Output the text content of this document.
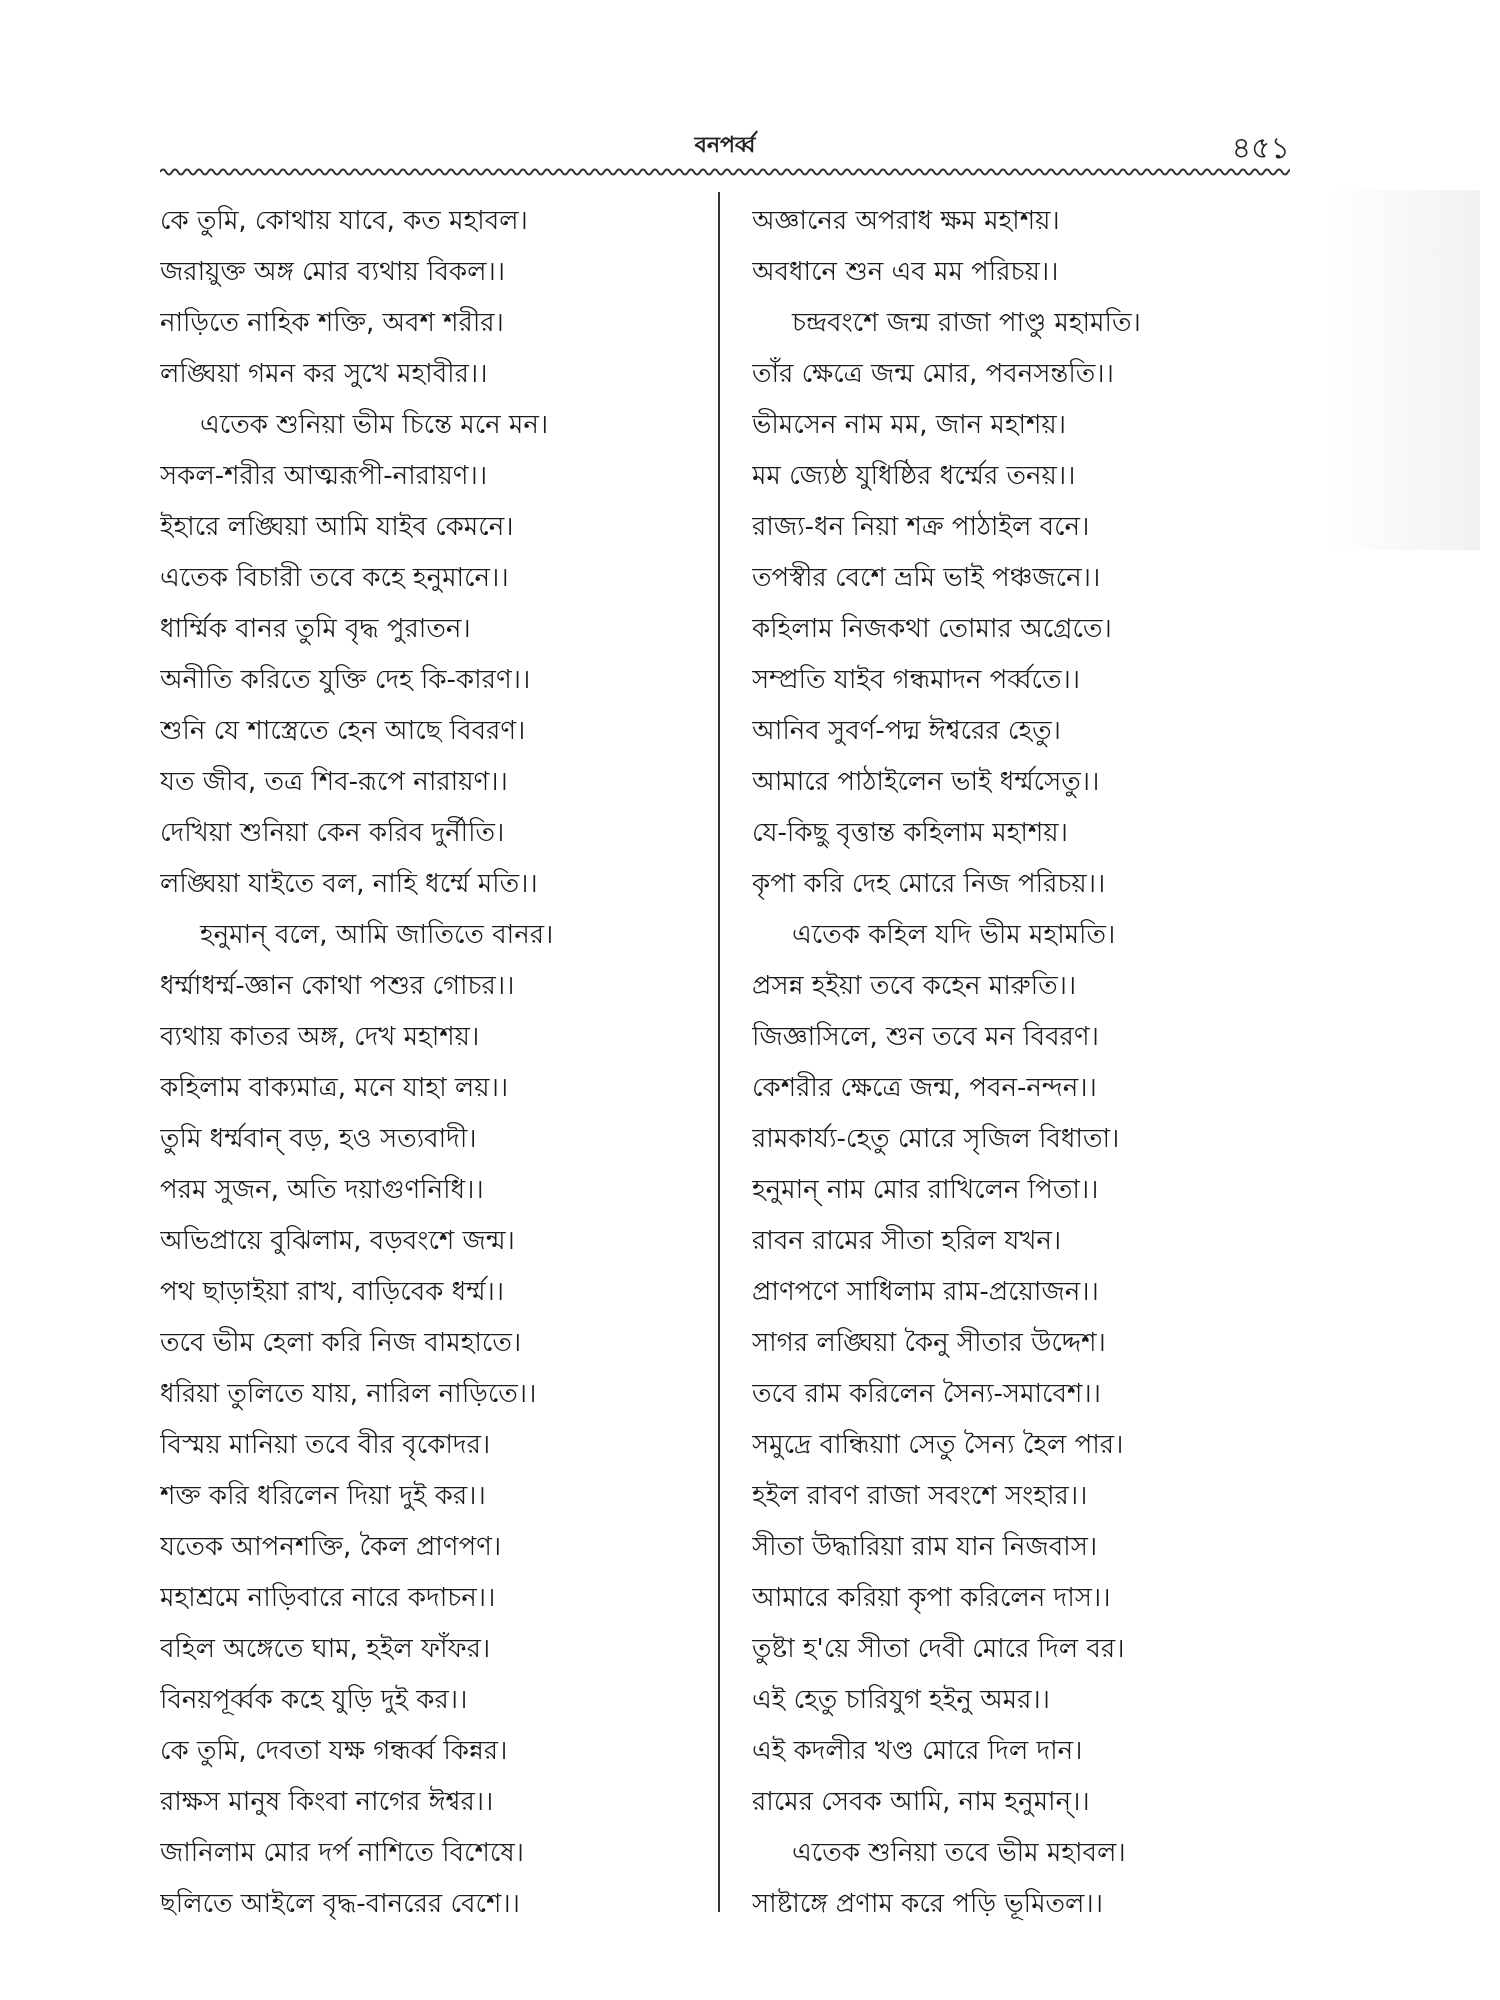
বনপর্ব্ব	৪৫১
কে তুমি, কোথায় যাবে, কত মহাবল।
জরায়ুক্ত অঙ্গ মোর ব্যথায় বিকল।।
নাড়িতে নাহিক শক্তি, অবশ শরীর।
লঙ্ঘিয়া গমন কর সুখে মহাবীর।।
এতেক শুনিয়া ভীম চিন্তে মনে মন।
সকল-শরীর আত্মরূপী-নারায়ণ।।
ইহারে লঙ্ঘিয়া আমি যাইব কেমনে।
এতেক বিচারী তবে কহে হনুমানে।।
ধার্ম্মিক বানর তুমি বৃদ্ধ পুরাতন।
অনীতি করিতে যুক্তি দেহ কি-কারণ।।
শুনি যে শাস্ত্রেতে হেন আছে বিবরণ।
যত জীব, তত্র শিব-রূপে নারায়ণ।।
দেখিয়া শুনিয়া কেন করিব দুর্নীতি।
লঙ্ঘিয়া যাইতে বল, নাহি ধর্ম্মে মতি।।
হনুমান্ বলে, আমি জাতিতে বানর।
ধর্ম্মাধর্ম্ম-জ্ঞান কোথা পশুর গোচর।।
ব্যথায় কাতর অঙ্গ, দেখ মহাশয়।
কহিলাম বাক্যমাত্র, মনে যাহা লয়।।
তুমি ধর্ম্মবান্ বড়, হও সত্যবাদী।
পরম সুজন, অতি দয়াগুণনিধি।।
অভিপ্রায়ে বুঝিলাম, বড়বংশে জন্ম।
পথ ছাড়াইয়া রাখ, বাড়িবেক ধর্ম্ম।।
তবে ভীম হেলা করি নিজ বামহাতে।
ধরিয়া তুলিতে যায়, নারিল নাড়িতে।।
বিস্ময় মানিয়া তবে বীর বৃকোদর।
শক্ত করি ধরিলেন দিয়া দুই কর।।
যতেক আপনশক্তি, কৈল প্রাণপণ।
মহাশ্রমে নাড়িবারে নারে কদাচন।।
বহিল অঙ্গেতে ঘাম, হইল ফাঁফর।
বিনয়পূর্ব্বক কহে যুড়ি দুই কর।।
কে তুমি, দেবতা যক্ষ গন্ধর্ব্ব কিন্নর।
রাক্ষস মানুষ কিংবা নাগের ঈশ্বর।।
জানিলাম মোর দর্প নাশিতে বিশেষে।
ছলিতে আইলে বৃদ্ধ-বানরের বেশে।।
অজ্ঞানের অপরাধ ক্ষম মহাশয়।
অবধানে শুন এব মম পরিচয়।।
চন্দ্রবংশে জন্ম রাজা পাণ্ডু মহামতি।
তাঁর ক্ষেত্রে জন্ম মোর, পবনসন্ততি।।
ভীমসেন নাম মম, জান মহাশয়।
মম জ্যেষ্ঠ যুধিষ্ঠির ধর্ম্মের তনয়।।
রাজ্য-ধন নিয়া শক্র পাঠাইল বনে।
তপস্বীর বেশে ভ্রমি ভাই পঞ্চজনে।।
কহিলাম নিজকথা তোমার অগ্রেতে।
সম্প্রতি যাইব গন্ধমাদন পর্ব্বতে।।
আনিব সুবর্ণ-পদ্ম ঈশ্বরের হেতু।
আমারে পাঠাইলেন ভাই ধর্ম্মসেতু।।
যে-কিছু বৃত্তান্ত কহিলাম মহাশয়।
কৃপা করি দেহ মোরে নিজ পরিচয়।।
এতেক কহিল যদি ভীম মহামতি।
প্রসন্ন হইয়া তবে কহেন মারুতি।।
জিজ্ঞাসিলে, শুন তবে মন বিবরণ।
কেশরীর ক্ষেত্রে জন্ম, পবন-নন্দন।।
রামকার্য্য-হেতু মোরে সৃজিল বিধাতা।
হনুমান্ নাম মোর রাখিলেন পিতা।।
রাবন রামের সীতা হরিল যখন।
প্রাণপণে সাধিলাম রাম-প্রয়োজন।।
সাগর লঙ্ঘিয়া কৈনু সীতার উদ্দেশ।
তবে রাম করিলেন সৈন্য-সমাবেশ।।
সমুদ্রে বান্ধিয়াা সেতু সৈন্য হৈল পার।
হইল রাবণ রাজা সবংশে সংহার।।
সীতা উদ্ধারিয়া রাম যান নিজবাস।
আমারে করিয়া কৃপা করিলেন দাস।।
তুষ্টা হ'য়ে সীতা দেবী মোরে দিল বর।
এই হেতু চারিযুগ হইনু অমর।।
এই কদলীর খণ্ড মোরে দিল দান।
রামের সেবক আমি, নাম হনুমান্।।
এতেক শুনিয়া তবে ভীম মহাবল।
সাষ্টাঙ্গে প্রণাম করে পড়ি ভূমিতল।।
